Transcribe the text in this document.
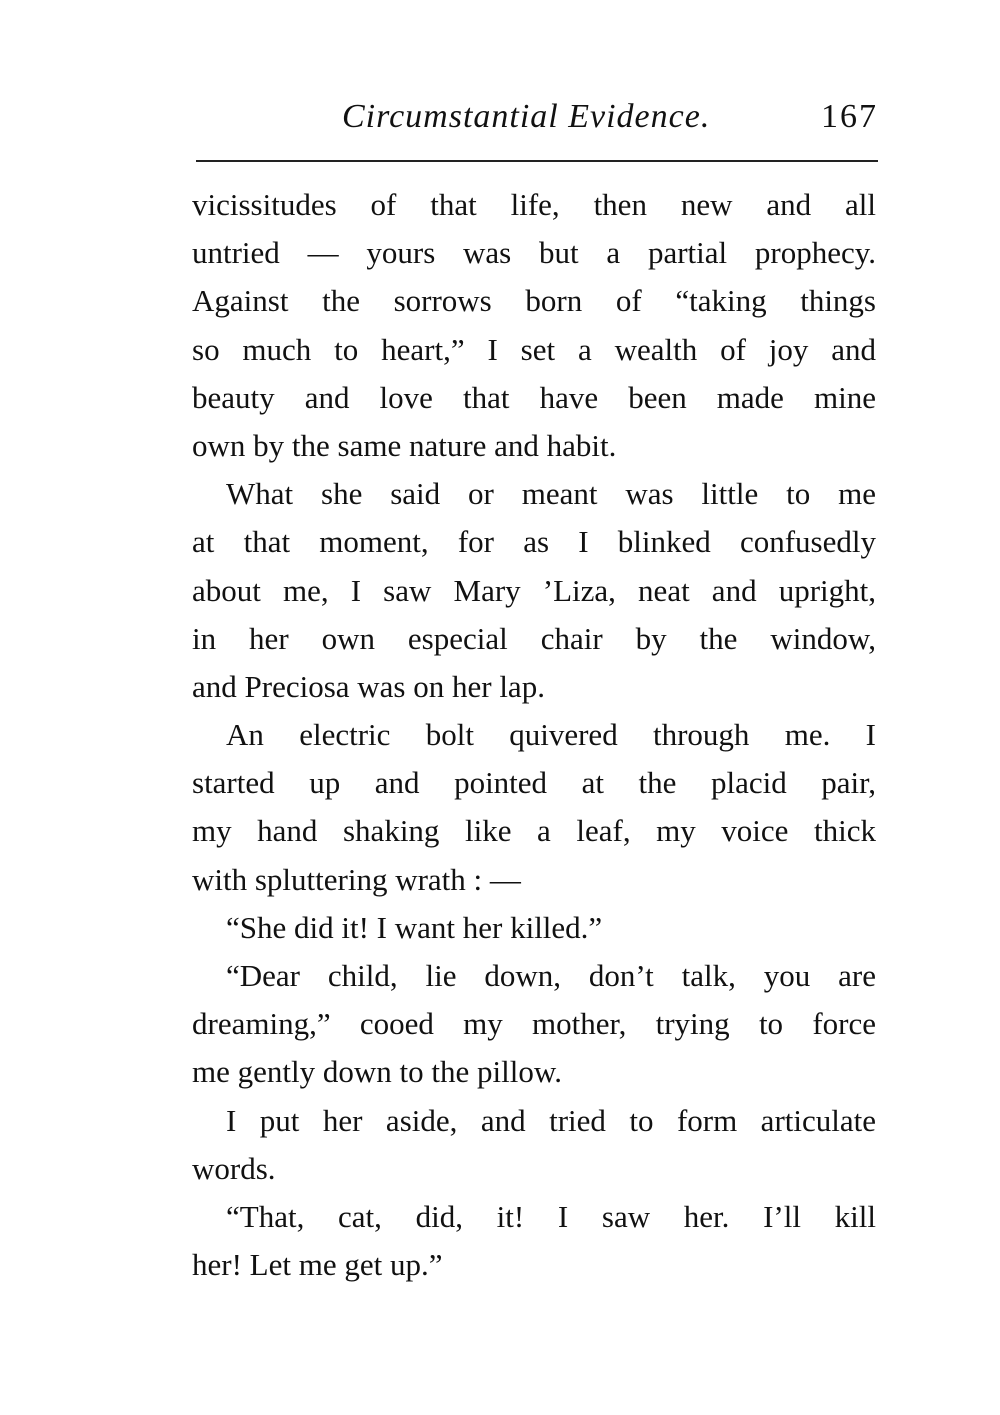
Circumstantial Evidence.	167
vicissitudes of that life, then new and all
untried — yours was but a partial prophecy.
Against the sorrows born of “taking things
so much to heart,” I set a wealth of joy and
beauty and love that have been made mine
own by the same nature and habit.
What she said or meant was little to me
at that moment, for as I blinked confusedly
about me, I saw Mary ’Liza, neat and upright,
in her own especial chair by the window,
and Preciosa was on her lap.
An electric bolt quivered through me. I
started up and pointed at the placid pair,
my hand shaking like a leaf, my voice thick
with spluttering wrath : —
“She did it! I want her killed.”
“Dear child, lie down, don’t talk, you are
dreaming,” cooed my mother, trying to force
me gently down to the pillow.
I put her aside, and tried to form articulate
words.
“That, cat, did, it! I saw her. I’ll kill
her! Let me get up.”
